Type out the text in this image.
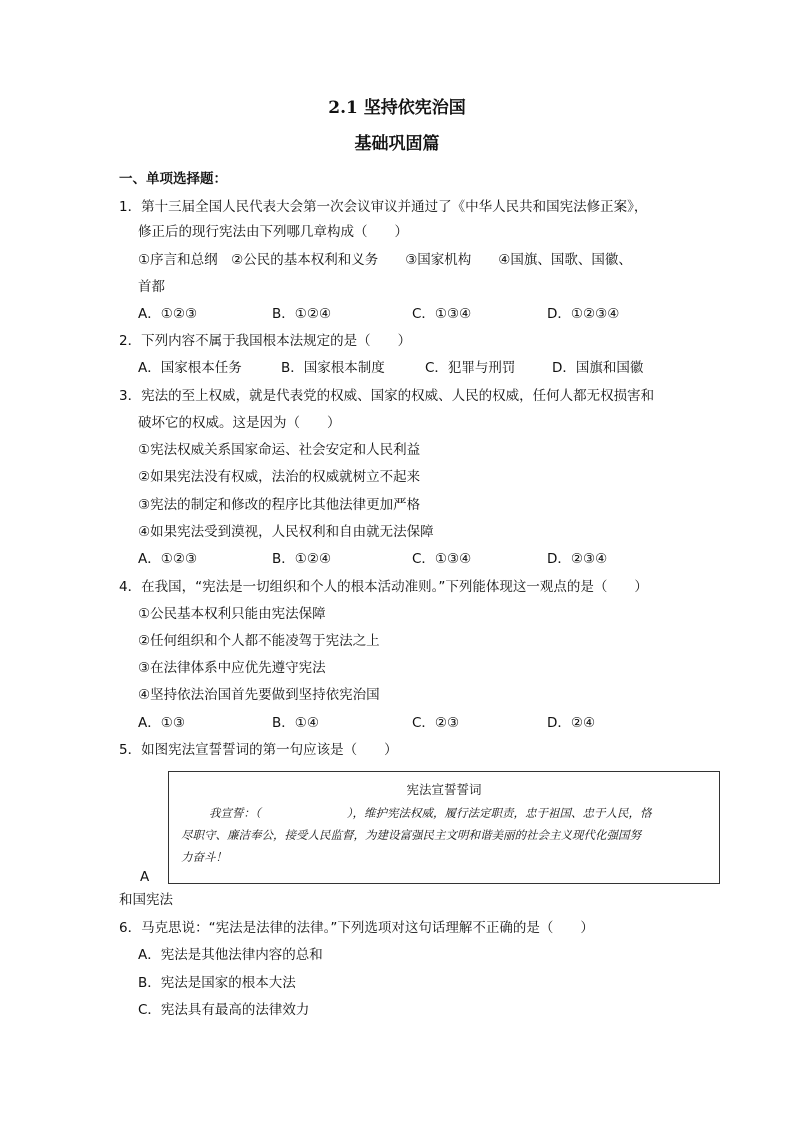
2.1 坚持依宪治国
基础巩固篇
一、单项选择题：
1．第十三届全国人民代表大会第一次会议审议并通过了《中华人民共和国宪法修正案》，
修正后的现行宪法由下列哪几章构成（　　）
①序言和总纲　②公民的基本权利和义务　　③国家机构　　④国旗、国歌、国徽、
首都
A．①②③	B．①②④	C．①③④	D．①②③④
2．下列内容不属于我国根本法规定的是（　　）
A．国家根本任务	B．国家根本制度	C．犯罪与刑罚	D．国旗和国徽
3．宪法的至上权威，就是代表党的权威、国家的权威、人民的权威，任何人都无权损害和
破坏它的权威。这是因为（　　）
①宪法权威关系国家命运、社会安定和人民利益
②如果宪法没有权威，法治的权威就树立不起来
③宪法的制定和修改的程序比其他法律更加严格
④如果宪法受到漠视，人民权利和自由就无法保障
A．①②③	B．①②④	C．①③④	D．②③④
4．在我国，“宪法是一切组织和个人的根本活动准则。”下列能体现这一观点的是（　　）
①公民基本权利只能由宪法保障
②任何组织和个人都不能凌驾于宪法之上
③在法律体系中应优先遵守宪法
④坚持依法治国首先要做到坚持依宪治国
A．①③	B．①④	C．②③	D．②④
5．如图宪法宣誓誓词的第一句应该是（　　）
A
宪法宣誓誓词
我宣誓：（	），维护宪法权威，履行法定职责，忠于祖国、忠于人民，恪
尽职守、廉洁奉公，接受人民监督，为建设富强民主文明和谐美丽的社会主义现代化强国努
力奋斗！
和国宪法
6．马克思说：“宪法是法律的法律。”下列选项对这句话理解不正确的是（　　）
A．宪法是其他法律内容的总和
B．宪法是国家的根本大法
C．宪法具有最高的法律效力
